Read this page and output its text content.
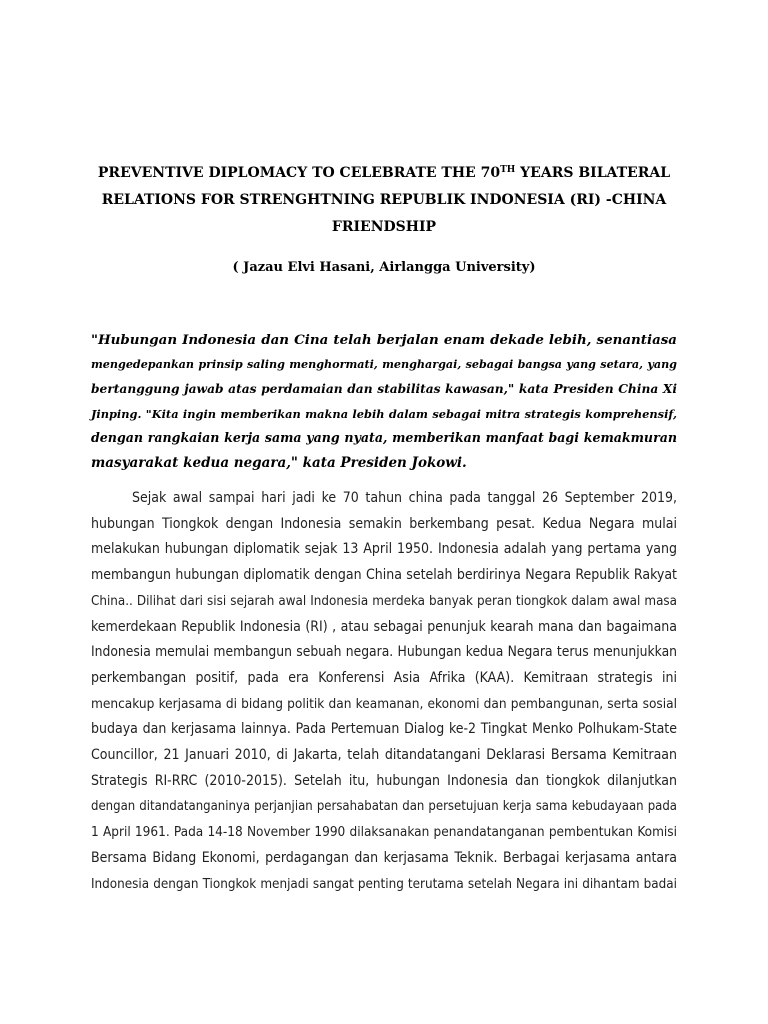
PREVENTIVE DIPLOMACY TO CELEBRATE THE 70TH YEARS BILATERAL
RELATIONS FOR STRENGHTNING REPUBLIK INDONESIA (RI) -CHINA
FRIENDSHIP
( Jazau Elvi Hasani, Airlangga University)
"Hubungan Indonesia dan Cina telah berjalan enam dekade lebih, senantiasa
mengedepankan prinsip saling menghormati, menghargai, sebagai bangsa yang setara, yang
bertanggung jawab atas perdamaian dan stabilitas kawasan," kata Presiden China Xi
Jinping. "Kita ingin memberikan makna lebih dalam sebagai mitra strategis komprehensif,
dengan rangkaian kerja sama yang nyata, memberikan manfaat bagi kemakmuran
masyarakat kedua negara," kata Presiden Jokowi.
Sejak awal sampai hari jadi ke 70 tahun china pada tanggal 26 September 2019,
hubungan Tiongkok dengan Indonesia semakin berkembang pesat. Kedua Negara mulai
melakukan hubungan diplomatik sejak 13 April 1950. Indonesia adalah yang pertama yang
membangun hubungan diplomatik dengan China setelah berdirinya Negara Republik Rakyat
China.. Dilihat dari sisi sejarah awal Indonesia merdeka banyak peran tiongkok dalam awal masa
kemerdekaan Republik Indonesia (RI) , atau sebagai penunjuk kearah mana dan bagaimana
Indonesia memulai membangun sebuah negara. Hubungan kedua Negara terus menunjukkan
perkembangan positif, pada era Konferensi Asia Afrika (KAA). Kemitraan strategis ini
mencakup kerjasama di bidang politik dan keamanan, ekonomi dan pembangunan, serta sosial
budaya dan kerjasama lainnya. Pada Pertemuan Dialog ke-2 Tingkat Menko Polhukam-State
Councillor, 21 Januari 2010, di Jakarta, telah ditandatangani Deklarasi Bersama Kemitraan
Strategis RI-RRC (2010-2015). Setelah itu, hubungan Indonesia dan tiongkok dilanjutkan
dengan ditandatanganinya perjanjian persahabatan dan persetujuan kerja sama kebudayaan pada
1 April 1961. Pada 14-18 November 1990 dilaksanakan penandatanganan pembentukan Komisi
Bersama Bidang Ekonomi, perdagangan dan kerjasama Teknik. Berbagai kerjasama antara
Indonesia dengan Tiongkok menjadi sangat penting terutama setelah Negara ini dihantam badai
